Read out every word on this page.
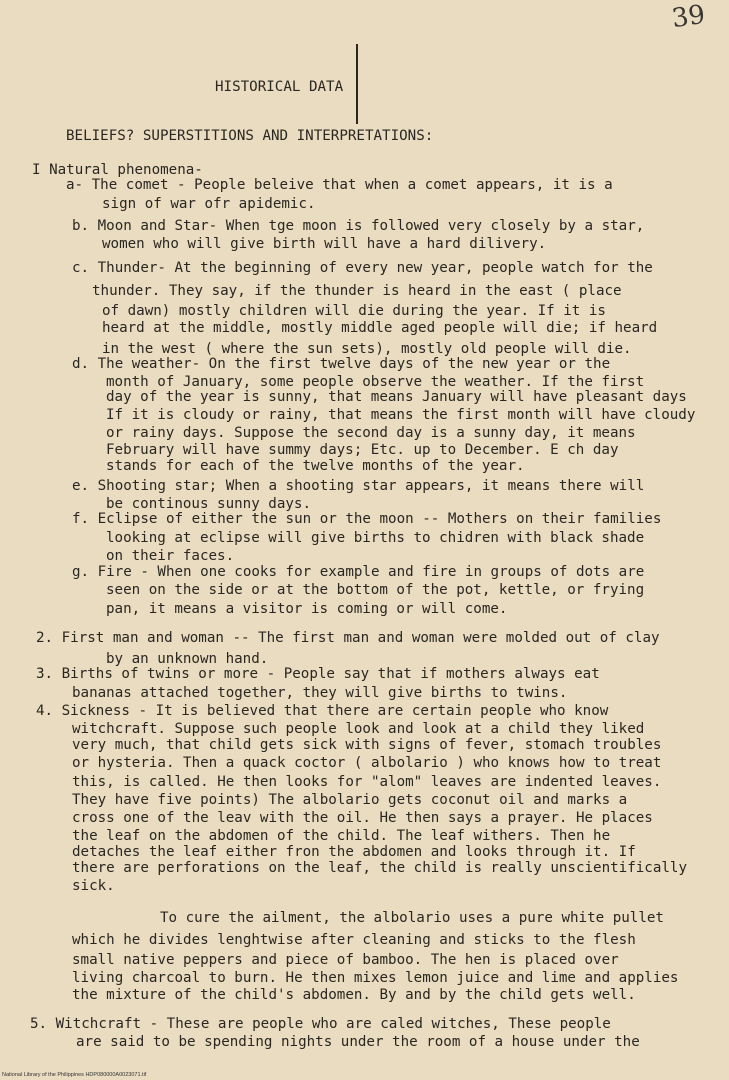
39
HISTORICAL DATA
BELIEFS? SUPERSTITIONS AND INTERPRETATIONS:
I Natural phenomena-
a- The comet - People beleive that when a comet appears, it is a
sign of war ofr apidemic.
b. Moon and Star- When tge moon is followed very closely by a star,
women who will give birth will have a hard dilivery.
c. Thunder- At the beginning of every new year, people watch for the
thunder. They say, if the thunder is heard in the east ( place
of dawn) mostly children will die during the year. If it is
heard at the middle, mostly middle aged people will die; if heard
in the west ( where the sun sets), mostly old people will die.
d. The weather- On the first twelve days of the new year or the
month of January, some people observe the weather. If the first
day of the year is sunny, that means January will have pleasant days
If it is cloudy or rainy, that means the first month will have cloudy
or rainy days. Suppose the second day is a sunny day, it means
February will have summy days; Etc. up to December. E ch day
stands for each of the twelve months of the year.
e. Shooting star; When a shooting star appears, it means there will
be continous sunny days.
f. Eclipse of either the sun or the moon -- Mothers on their families
looking at eclipse will give births to chidren with black shade
on their faces.
g. Fire - When one cooks for example and fire in groups of dots are
seen on the side or at the bottom of the pot, kettle, or frying
pan, it means a visitor is coming or will come.
2. First man and woman -- The first man and woman were molded out of clay
by an unknown hand.
3. Births of twins or more - People say that if mothers always eat
bananas attached together, they will give births to twins.
4. Sickness - It is believed that there are certain people who know
witchcraft. Suppose such people look and look at a child they liked
very much, that child gets sick with signs of fever, stomach troubles
or hysteria. Then a quack coctor ( albolario ) who knows how to treat
this, is called. He then looks for "alom" leaves are indented leaves.
They have five points) The albolario gets coconut oil and marks a
cross one of the leav with the oil. He then says a prayer. He places
the leaf on the abdomen of the child. The leaf withers. Then he
detaches the leaf either fron the abdomen and looks through it. If
there are perforations on the leaf, the child is really unscientifically
sick.
To cure the ailment, the albolario uses a pure white pullet
which he divides lenghtwise after cleaning and sticks to the flesh
small native peppers and piece of bamboo. The hen is placed over
living charcoal to burn. He then mixes lemon juice and lime and applies
the mixture of the child's abdomen. By and by the child gets well.
5. Witchcraft - These are people who are caled witches, These people
are said to be spending nights under the room of a house under the
National Library of the Philippines HDP080000A0023071.tif
